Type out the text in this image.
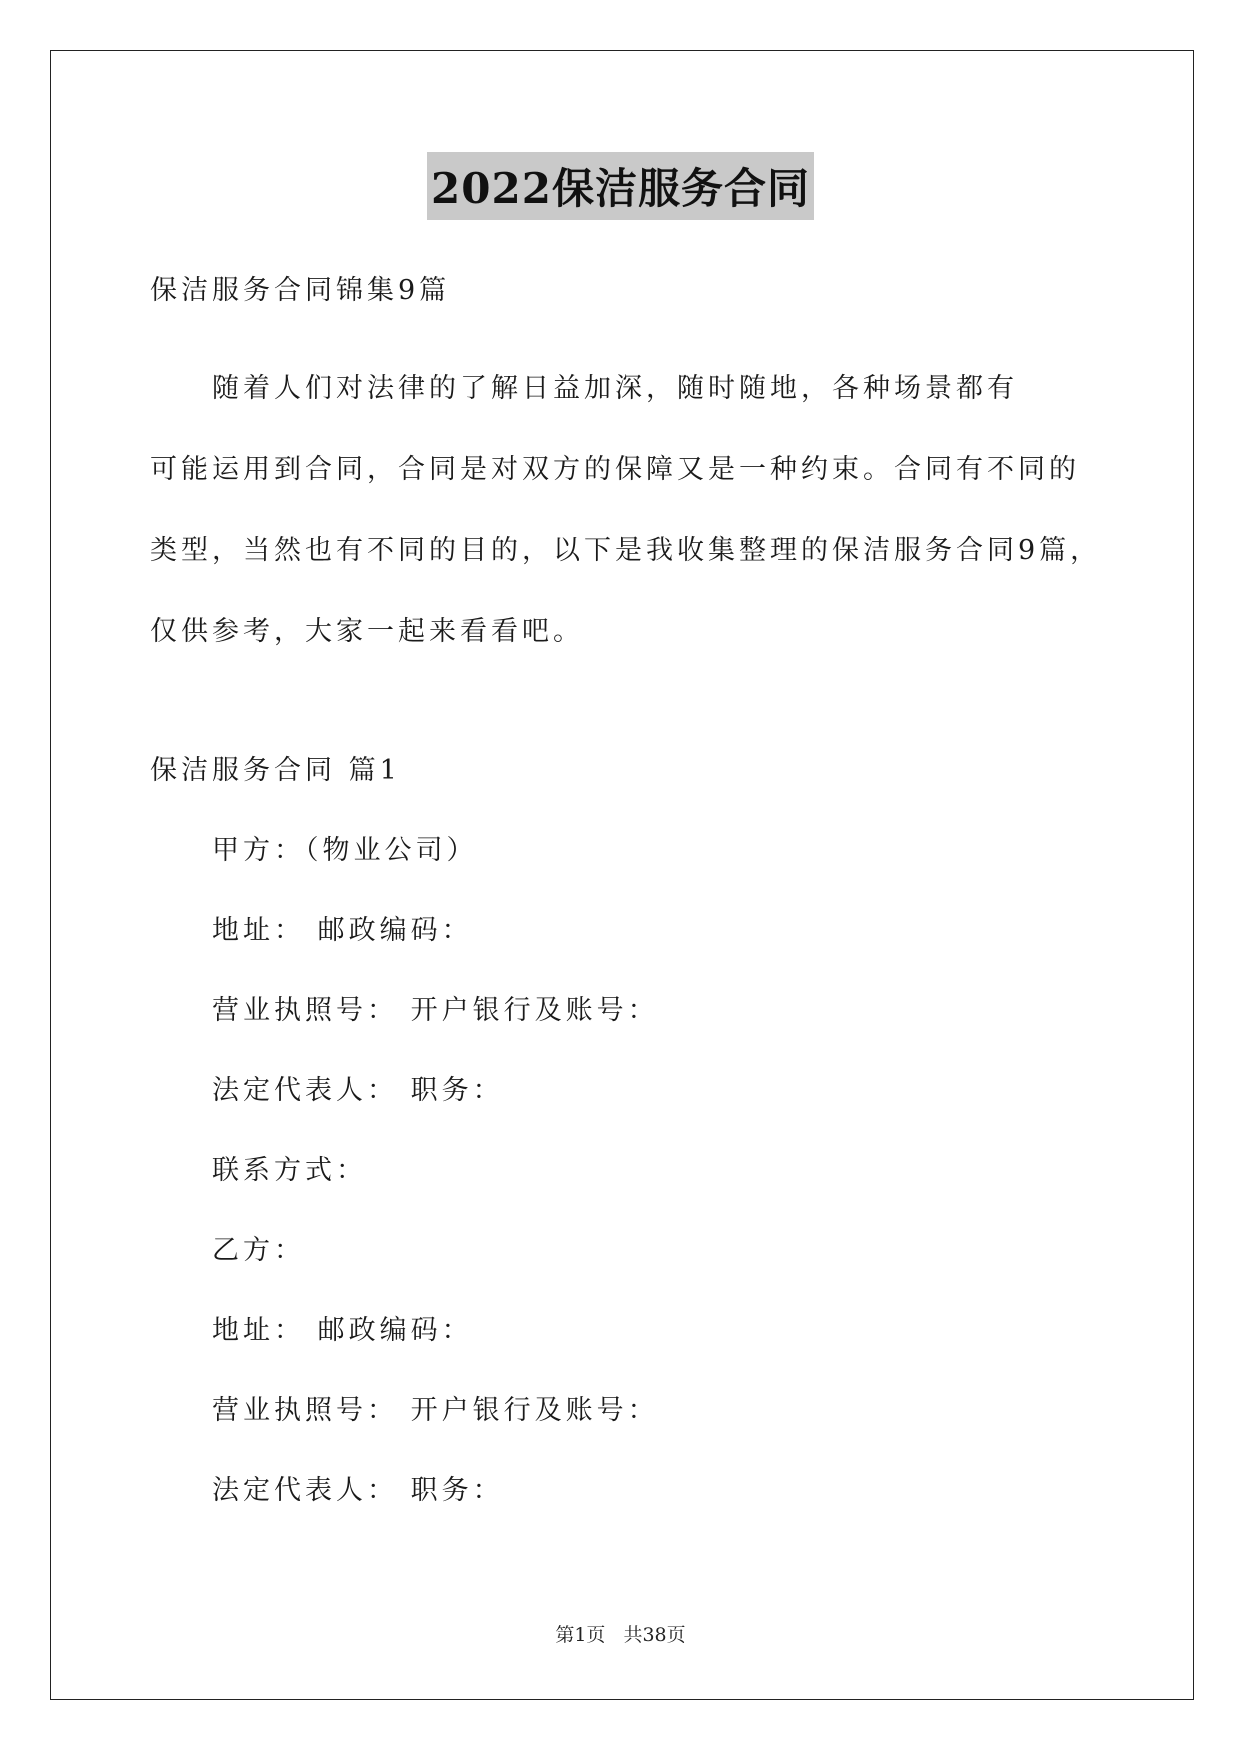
2022保洁服务合同
保洁服务合同锦集9篇
　　随着人们对法律的了解日益加深，随时随地，各种场景都有
可能运用到合同，合同是对双方的保障又是一种约束。合同有不同的
类型，当然也有不同的目的，以下是我收集整理的保洁服务合同9篇，
仅供参考，大家一起来看看吧。
保洁服务合同 篇1
甲方：（物业公司）
地址： 邮政编码：
营业执照号： 开户银行及账号：
法定代表人： 职务：
联系方式：
乙方：
地址： 邮政编码：
营业执照号： 开户银行及账号：
法定代表人： 职务：
第1页 共38页
